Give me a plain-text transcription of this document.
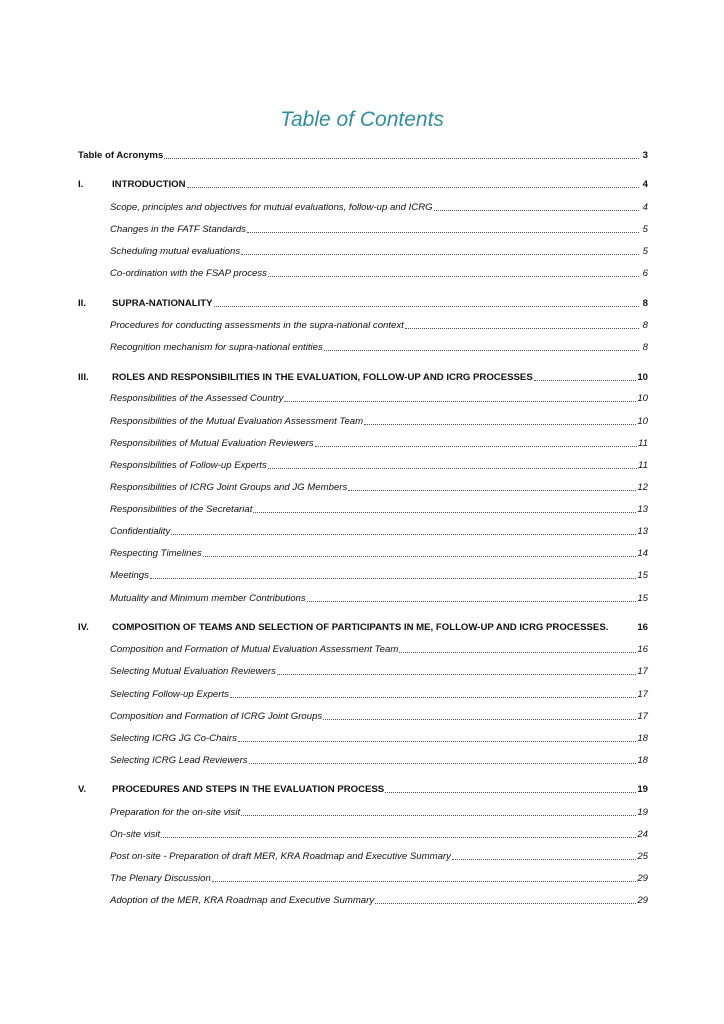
Table of Contents
Table of Acronyms	3
I.	INTRODUCTION	4
Scope, principles and objectives for mutual evaluations, follow-up and ICRG	4
Changes in the FATF Standards	5
Scheduling mutual evaluations	5
Co-ordination with the FSAP process	6
II.	SUPRA-NATIONALITY	8
Procedures for conducting assessments in the supra-national context	8
Recognition mechanism for supra-national entities	8
III.	ROLES AND RESPONSIBILITIES IN THE EVALUATION, FOLLOW-UP AND ICRG PROCESSES	10
Responsibilities of the Assessed Country	10
Responsibilities of the Mutual Evaluation Assessment Team	10
Responsibilities of Mutual Evaluation Reviewers	11
Responsibilities of Follow-up Experts	11
Responsibilities of ICRG Joint Groups and JG Members	12
Responsibilities of the Secretariat	13
Confidentiality	13
Respecting Timelines	14
Meetings	15
Mutuality and Minimum member Contributions	15
IV.	COMPOSITION OF TEAMS AND SELECTION OF PARTICIPANTS IN ME, FOLLOW-UP AND ICRG PROCESSES.	16
Composition and Formation of Mutual Evaluation Assessment Team	16
Selecting Mutual Evaluation Reviewers	17
Selecting Follow-up Experts	17
Composition and Formation of ICRG Joint Groups	17
Selecting ICRG JG Co-Chairs	18
Selecting ICRG Lead Reviewers	18
V.	PROCEDURES AND STEPS IN THE EVALUATION PROCESS	19
Preparation for the on-site visit	19
On-site visit	24
Post on-site - Preparation of draft MER, KRA Roadmap and Executive Summary	25
The Plenary Discussion	29
Adoption of the MER, KRA Roadmap and Executive Summary	29
